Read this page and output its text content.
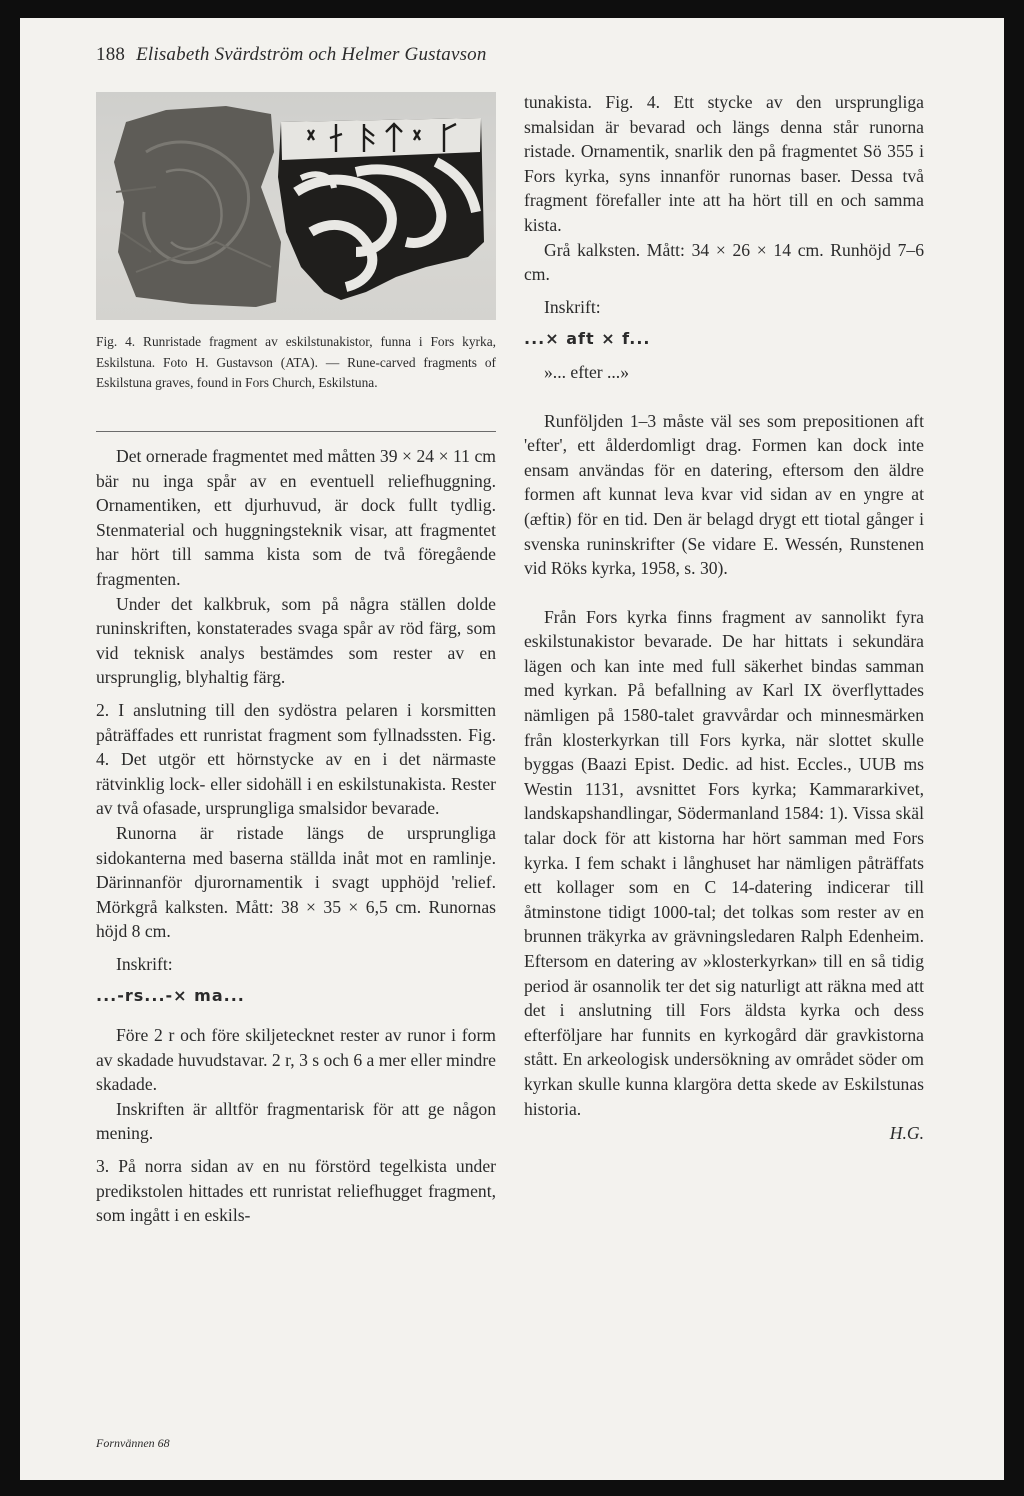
188 Elisabeth Svärdström och Helmer Gustavson
Fig. 4. Runristade fragment av eskilstunakistor, funna i Fors kyrka, Eskilstuna. Foto H. Gustavson (ATA). — Rune-carved fragments of Eskilstuna graves, found in Fors Church, Eskilstuna.

Det ornerade fragmentet med måtten 39 × 24 × 11 cm bär nu inga spår av en eventuell reliefhuggning. Ornamentiken, ett djurhuvud, är dock fullt tydlig. Stenmaterial och huggningsteknik visar, att fragmentet har hört till samma kista som de två föregående fragmenten.

Under det kalkbruk, som på några ställen dolde runinskriften, konstaterades svaga spår av röd färg, som vid teknisk analys bestämdes som rester av en ursprunglig, blyhaltig färg.

2. I anslutning till den sydöstra pelaren i korsmitten påträffades ett runristat fragment som fyllnadssten. Fig. 4. Det utgör ett hörnstycke av en i det närmaste rätvinklig lock- eller sidohäll i en eskilstunakista. Rester av två ofasade, ursprungliga smalsidor bevarade.

Runorna är ristade längs de ursprungliga sidokanterna med baserna ställda inåt mot en ramlinje. Därinnanför djurornamentik i svagt upphöjd 'relief. Mörkgrå kalksten. Mått: 38 × 35 × 6,5 cm. Runornas höjd 8 cm.

Inskrift:

...-rs...-× ma...

Före 2 r och före skiljetecknet rester av runor i form av skadade huvudstavar. 2 r, 3 s och 6 a mer eller mindre skadade.

Inskriften är alltför fragmentarisk för att ge någon mening.

3. På norra sidan av en nu förstörd tegelkista under predikstolen hittades ett runristat reliefhugget fragment, som ingått i en eskils-

tunakista. Fig. 4. Ett stycke av den ursprungliga smalsidan är bevarad och längs denna står runorna ristade. Ornamentik, snarlik den på fragmentet Sö 355 i Fors kyrka, syns innanför runornas baser. Dessa två fragment förefaller inte att ha hört till en och samma kista.

Grå kalksten. Mått: 34 × 26 × 14 cm. Runhöjd 7–6 cm.

Inskrift:

...× aft × f...

»... efter ...»

Runföljden 1–3 måste väl ses som prepositionen aft 'efter', ett ålderdomligt drag. Formen kan dock inte ensam användas för en datering, eftersom den äldre formen aft kunnat leva kvar vid sidan av en yngre at (æftiʀ) för en tid. Den är belagd drygt ett tiotal gånger i svenska runinskrifter (Se vidare E. Wessén, Runstenen vid Röks kyrka, 1958, s. 30).

Från Fors kyrka finns fragment av sannolikt fyra eskilstunakistor bevarade. De har hittats i sekundära lägen och kan inte med full säkerhet bindas samman med kyrkan. På befallning av Karl IX överflyttades nämligen på 1580-talet gravvårdar och minnesmärken från klosterkyrkan till Fors kyrka, när slottet skulle byggas (Baazi Epist. Dedic. ad hist. Eccles., UUB ms Westin 1131, avsnittet Fors kyrka; Kammararkivet, landskapshandlingar, Södermanland 1584: 1). Vissa skäl talar dock för att kistorna har hört samman med Fors kyrka. I fem schakt i långhuset har nämligen påträffats ett kollager som en C 14-datering indicerar till åtminstone tidigt 1000-tal; det tolkas som rester av en brunnen träkyrka av grävningsledaren Ralph Edenheim. Eftersom en datering av »klosterkyrkan» till en så tidig period är osannolik ter det sig naturligt att räkna med att det i anslutning till Fors äldsta kyrka och dess efterföljare har funnits en kyrkogård där gravkistorna stått. En arkeologisk undersökning av området söder om kyrkan skulle kunna klargöra detta skede av Eskilstunas historia.

H.G.

Fornvännen 68
